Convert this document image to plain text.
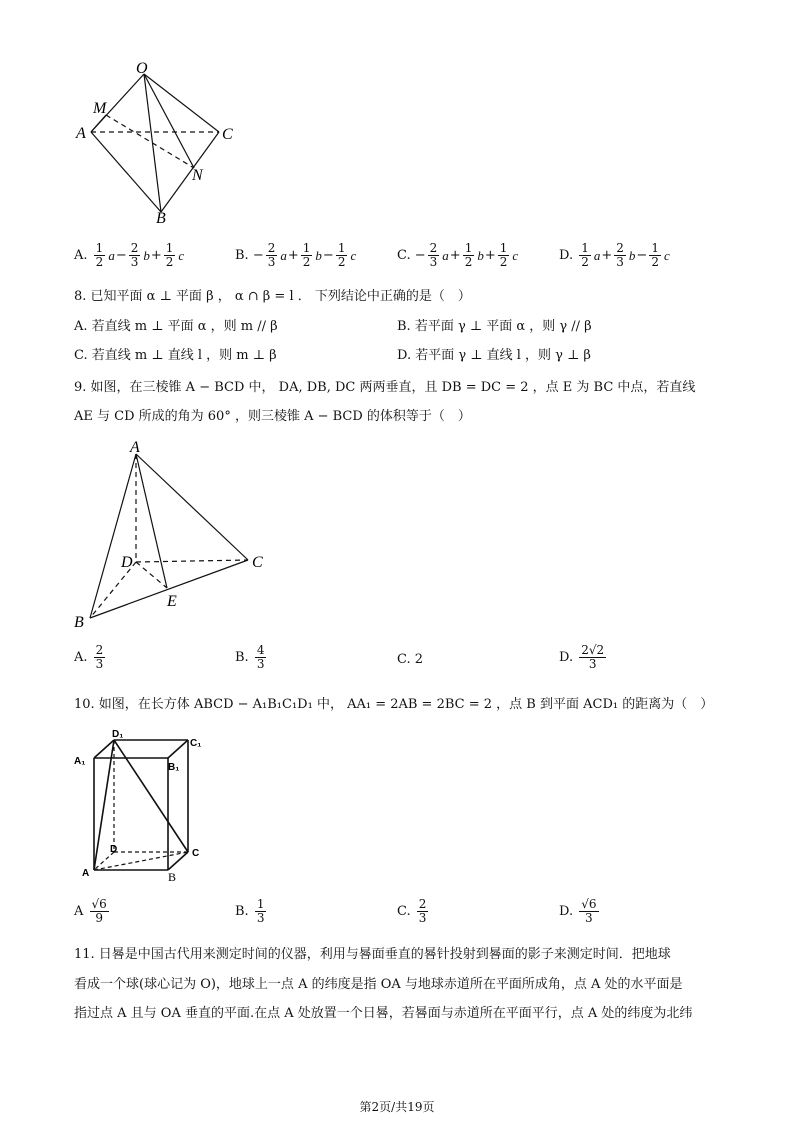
O
M
A	C
N
B
A.
$\frac{1}{2}$ $a - \frac{2}{3}$ $b + \frac{1}{2}$ c	B. − $\frac{2}{3}$ $a + \frac{1}{2}$ $b - \frac{1}{2}$ c	C. − $\frac{2}{3}$ $a + \frac{1}{2}$ $b + \frac{1}{2}$ c	D.
$\frac{1}{2}$ $a + \frac{2}{3}$ $b - \frac{1}{2}$ c
8. 已知平面 α ⊥ 平面 β ， α ∩ β = l ． 下列结论中正确的是（　）
A. 若直线 m ⊥ 平面 α ，则 m // β	B. 若平面 γ ⊥ 平面 α ，则 γ // β
C. 若直线 m ⊥ 直线 l ，则 m ⊥ β	D. 若平面 γ ⊥ 直线 l ，则 γ ⊥ β
9. 如图，在三棱锥 A − BCD 中， DA, DB, DC 两两垂直，且 DB = DC = 2 ，点 E 为 BC 中点，若直线
AE 与 CD 所成的角为 60° ，则三棱锥 A − BCD 的体积等于（　）
A
D	C
E
B
A.
$\frac{2}{3}$	B.
$\frac{4}{3}$	C.
2	D.
$\frac{2√2}{3}$
10. 如图，在长方体 ABCD − A₁B₁C₁D₁ 中， AA₁ = 2AB = 2BC = 2 ，点 B 到平面 ACD₁ 的距离为（　）
D₁
C₁
A₁
B₁
D	C
A	B
A
$\frac{√6}{9}$	B.
$\frac{1}{3}$	C.
$\frac{2}{3}$	D.
$\frac{√6}{3}$
11. 日晷是中国古代用来测定时间的仪器，利用与晷面垂直的晷针投射到晷面的影子来测定时间．把地球
看成一个球(球心记为 O)，地球上一点 A 的纬度是指 OA 与地球赤道所在平面所成角，点 A 处的水平面是
指过点 A 且与 OA 垂直的平面.在点 A 处放置一个日晷，若晷面与赤道所在平面平行，点 A 处的纬度为北纬
第2页/共19页
